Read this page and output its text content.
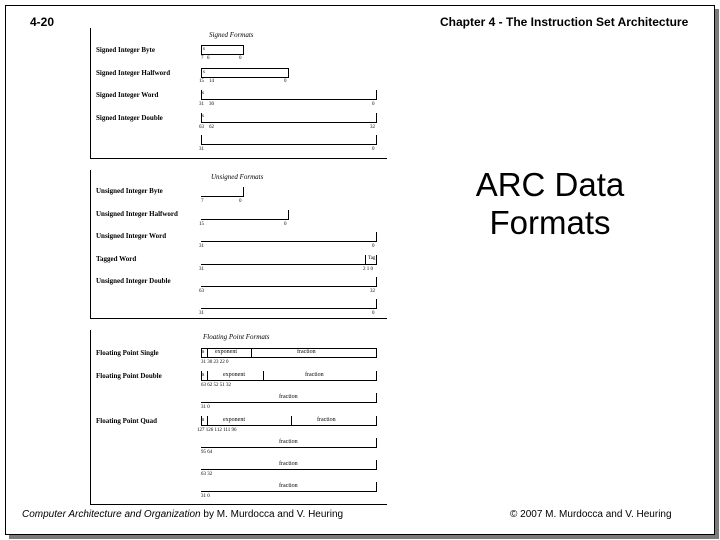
4-20	Chapter 4 - The Instruction Set Architecture
ARC Data
Formats
Signed Formats
Signed Integer Byte	s
7 6	0
Signed Integer Halfword	s
15 14	0
Signed Integer Word	s
31 30	0
Signed Integer Double	s
63 62	32
31	0
Unsigned Formats
Unsigned Integer Byte
7	0
Unsigned Integer Halfword
15	0
Unsigned Integer Word
31	0
Tagged Word	Tag
31	2 1 0
Unsigned Integer Double
63	32
31	0
Floating Point Formats
Floating Point Single	s exponent	fraction
31 30 23 22 0
Floating Point Double	s	exponent	fraction
63 62 52 51 32
fraction
31 0
Floating Point Quad	s	exponent	fraction
127 126 112 111 96
fraction
95 64
fraction
63 32
fraction
31 0
Computer Architecture and Organization by M. Murdocca and V. Heuring	© 2007 M. Murdocca and V. Heuring
